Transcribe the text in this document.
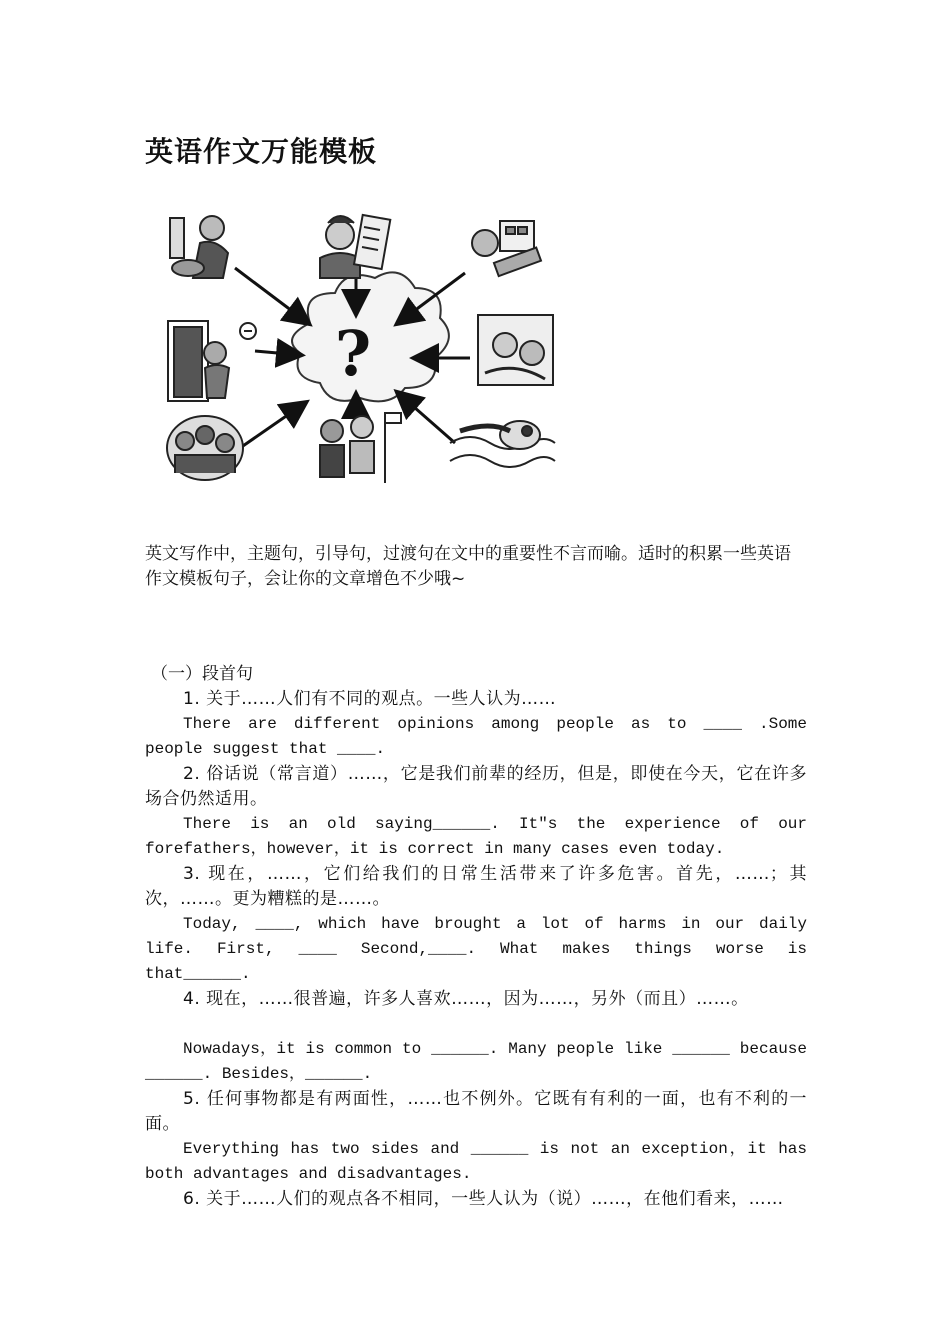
英语作文万能模板
?

英文写作中，主题句，引导句，过渡句在文中的重要性不言而喻。适时的积累一些英语作文模板句子，会让你的文章增色不少哦~

（一）段首句

1. 关于……人们有不同的观点。一些人认为……

There are different opinions among people as to ____ .Some people suggest that ____.

2. 俗话说（常言道）……，它是我们前辈的经历，但是，即使在今天，它在许多场合仍然适用。

There is an old saying______. It″s the experience of our forefathers，however，it is correct in many cases even today.

3. 现在，……，它们给我们的日常生活带来了许多危害。首先，……；其次，……。更为糟糕的是……。

Today, ____, which have brought a lot of harms in our daily life. First, ____ Second,____. What makes things worse is that______.

4. 现在，……很普遍，许多人喜欢……，因为……，另外（而且）……。

Nowadays，it is common to ______. Many people like ______ because ______. Besides，______.

5. 任何事物都是有两面性，……也不例外。它既有有利的一面，也有不利的一面。

Everything has two sides and ______ is not an exception，it has both advantages and disadvantages.

6. 关于……人们的观点各不相同，一些人认为（说）……，在他们看来，……
